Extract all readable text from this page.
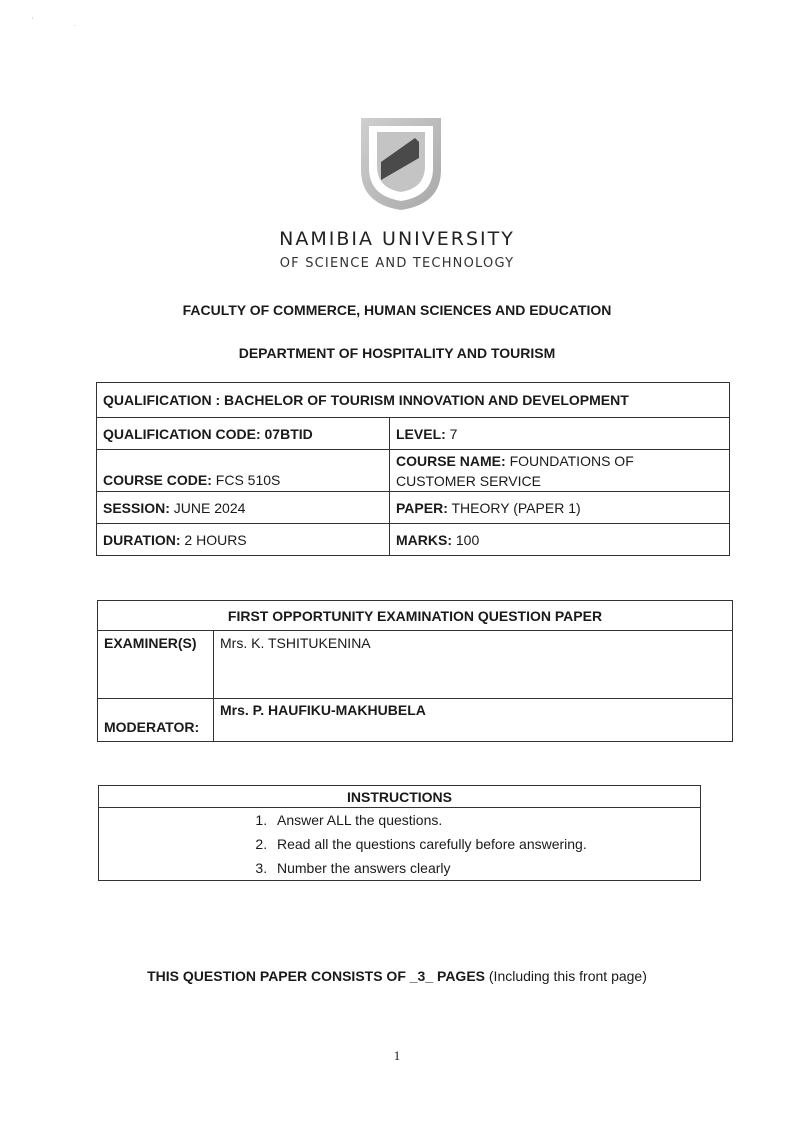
'
.
NAMIBIA UNIVERSITY
OF SCIENCE AND TECHNOLOGY
FACULTY OF COMMERCE, HUMAN SCIENCES AND EDUCATION
DEPARTMENT OF HOSPITALITY AND TOURISM
QUALIFICATION : BACHELOR OF TOURISM INNOVATION AND DEVELOPMENT	
QUALIFICATION CODE: 07BTID	LEVEL: 7
COURSE CODE: FCS 510S	COURSE NAME: FOUNDATIONS OF
CUSTOMER SERVICE
SESSION: JUNE 2024	PAPER: THEORY (PAPER 1)
DURATION: 2 HOURS	MARKS: 100
FIRST OPPORTUNITY EXAMINATION QUESTION PAPER	
EXAMINER(S)	Mrs. K. TSHITUKENINA
MODERATOR:	Mrs. P. HAUFIKU-MAKHUBELA
INSTRUCTIONS

1. Answer ALL the questions.
2. Read all the questions carefully before answering.
3. Number the answers clearly
THIS QUESTION PAPER CONSISTS OF _3_ PAGES (Including this front page)
1
